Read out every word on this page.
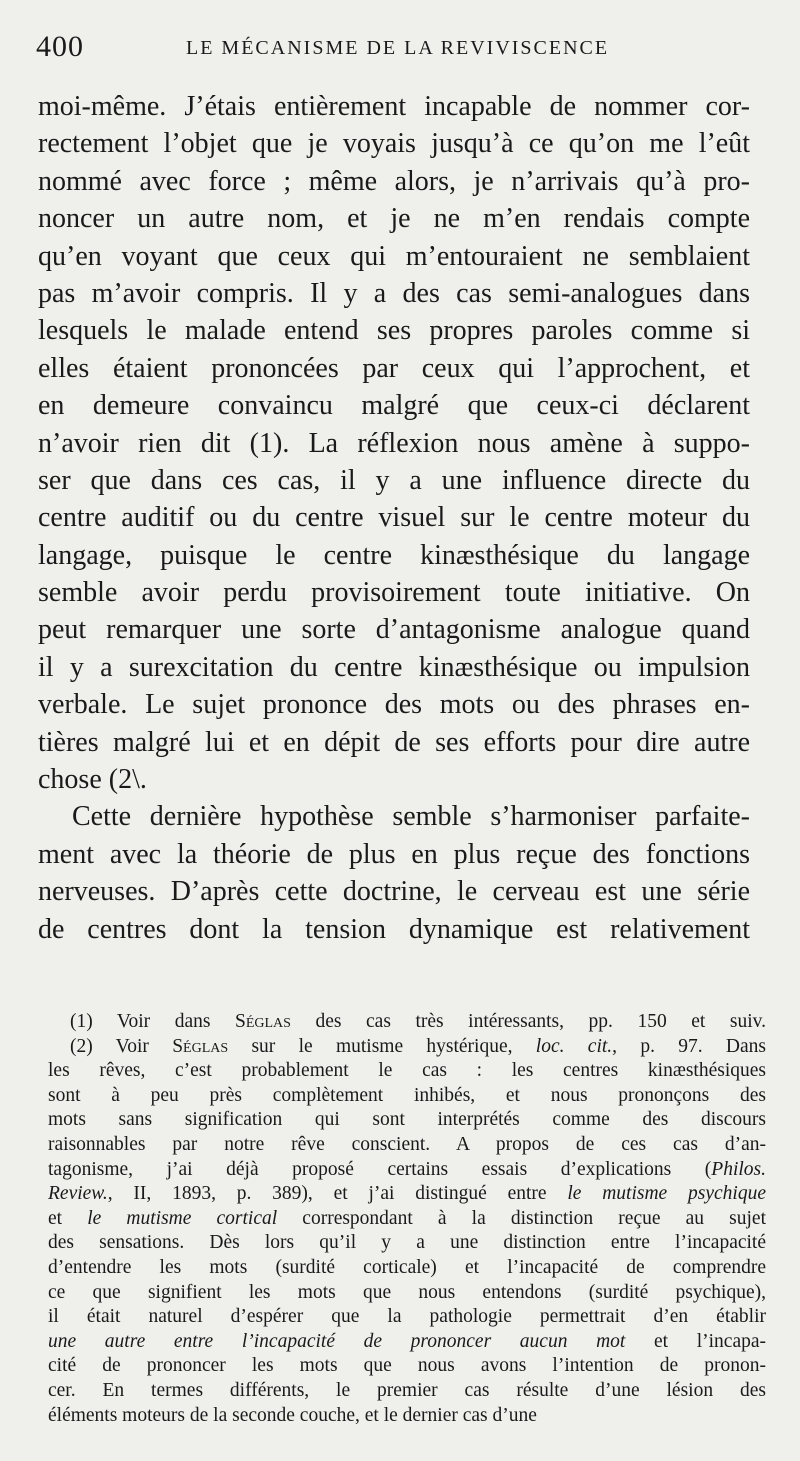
400	LE MÉCANISME DE LA REVIVISCENCE
moi-même. J’étais entièrement incapable de nommer cor-
rectement l’objet que je voyais jusqu’à ce qu’on me l’eût
nommé avec force ; même alors, je n’arrivais qu’à pro-
noncer un autre nom, et je ne m’en rendais compte
qu’en voyant que ceux qui m’entouraient ne semblaient
pas m’avoir compris. Il y a des cas semi-analogues dans
lesquels le malade entend ses propres paroles comme si
elles étaient prononcées par ceux qui l’approchent, et
en demeure convaincu malgré que ceux-ci déclarent
n’avoir rien dit (1). La réflexion nous amène à suppo-
ser que dans ces cas, il y a une influence directe du
centre auditif ou du centre visuel sur le centre moteur du
langage, puisque le centre kinæsthésique du langage
semble avoir perdu provisoirement toute initiative. On
peut remarquer une sorte d’antagonisme analogue quand
il y a surexcitation du centre kinæsthésique ou impulsion
verbale. Le sujet prononce des mots ou des phrases en-
tières malgré lui et en dépit de ses efforts pour dire autre
chose (2\.
Cette dernière hypothèse semble s’harmoniser parfaite-
ment avec la théorie de plus en plus reçue des fonctions
nerveuses. D’après cette doctrine, le cerveau est une série
de centres dont la tension dynamique est relativement
(1) Voir dans Séglas des cas très intéressants, pp. 150 et suiv.
(2) Voir Séglas sur le mutisme hystérique, loc. cit., p. 97. Dans
les rêves, c’est probablement le cas : les centres kinæsthésiques
sont à peu près complètement inhibés, et nous prononçons des
mots sans signification qui sont interprétés comme des discours
raisonnables par notre rêve conscient. A propos de ces cas d’an-
tagonisme, j’ai déjà proposé certains essais d’explications (Philos.
Review., II, 1893, p. 389), et j’ai distingué entre le mutisme psychique
et le mutisme cortical correspondant à la distinction reçue au sujet
des sensations. Dès lors qu’il y a une distinction entre l’incapacité
d’entendre les mots (surdité corticale) et l’incapacité de comprendre
ce que signifient les mots que nous entendons (surdité psychique),
il était naturel d’espérer que la pathologie permettrait d’en établir
une autre entre l’incapacité de prononcer aucun mot et l’incapa-
cité de prononcer les mots que nous avons l’intention de pronon-
cer. En termes différents, le premier cas résulte d’une lésion des
éléments moteurs de la seconde couche, et le dernier cas d’une
